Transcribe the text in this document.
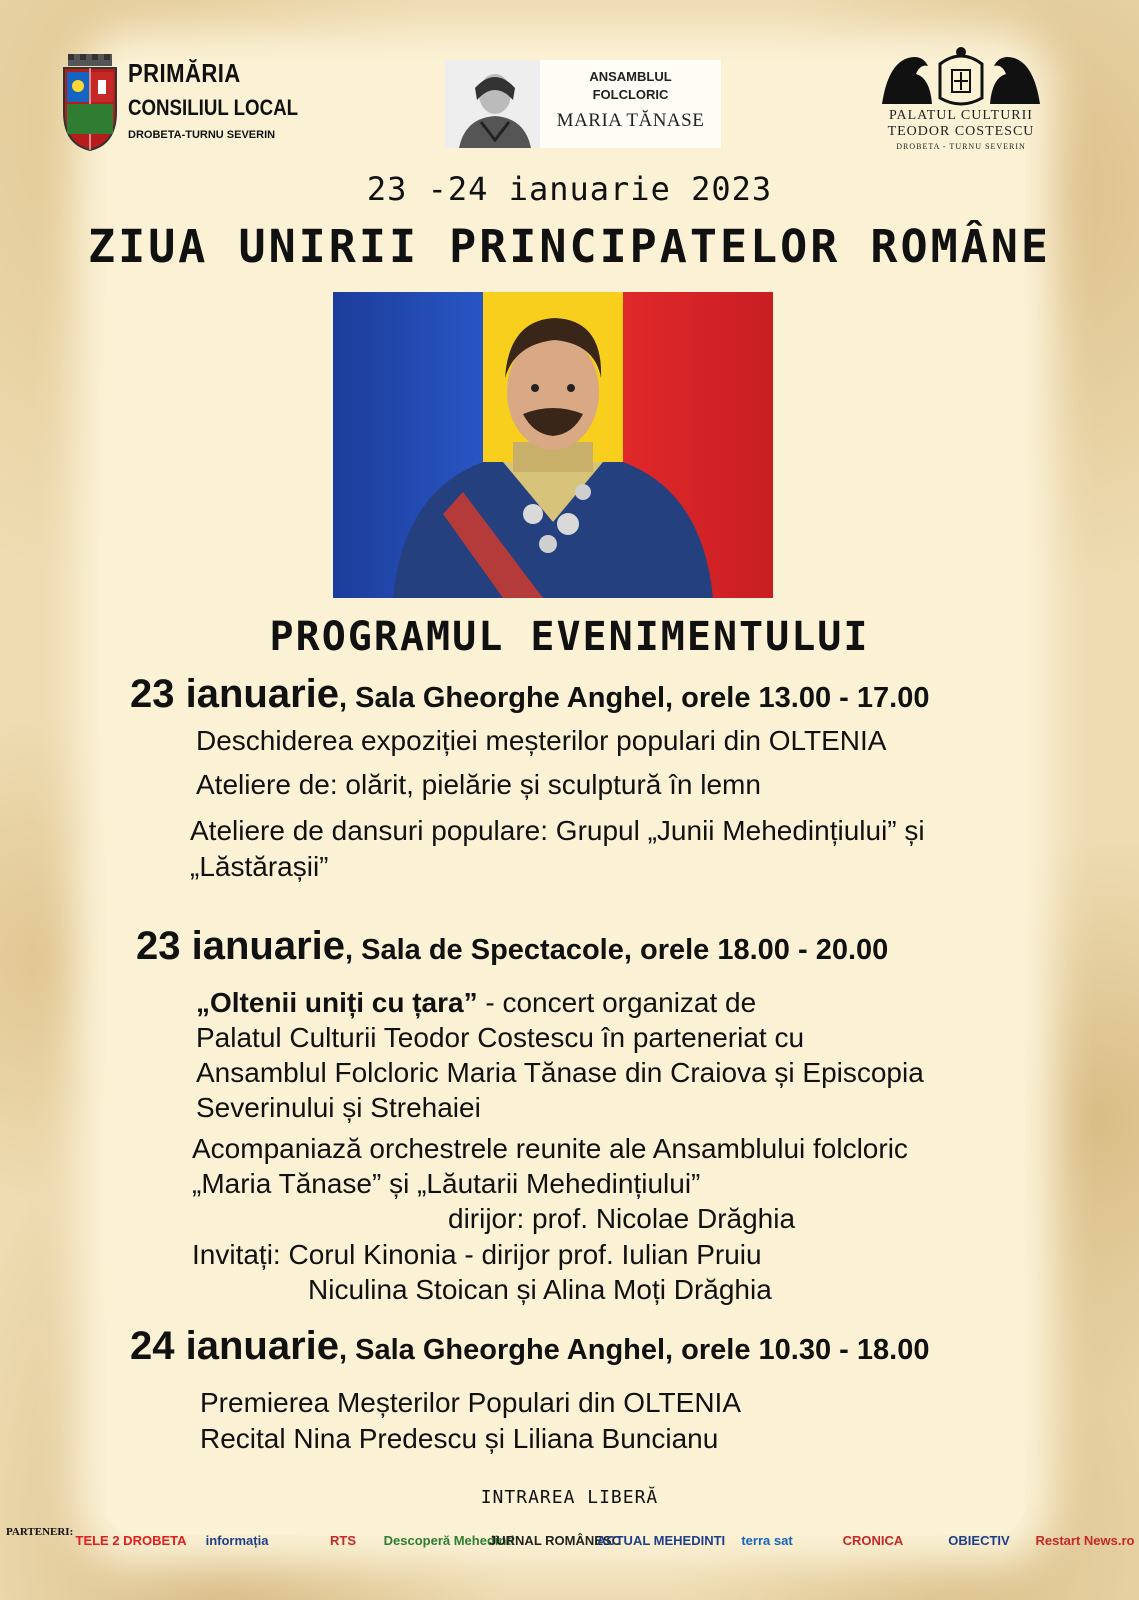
PRIMĂRIA
CONSILIUL LOCAL
DROBETA-TURNU SEVERIN
ANSAMBLUL
FOLCLORIC
MARIA TĂNASE	PALATUL CULTURII
TEODOR COSTESCU
DROBETA - TURNU SEVERIN
23 -24 ianuarie 2023
ZIUA UNIRII PRINCIPATELOR ROMÂNE
PROGRAMUL EVENIMENTULUI
23 ianuarie, Sala Gheorghe Anghel, orele 13.00 - 17.00
Deschiderea expoziției meșterilor populari din OLTENIA
Ateliere de: olărit, pielărie și sculptură în lemn
Ateliere de dansuri populare: Grupul „Junii Mehedințiului” și
„Lăstărașii”
23 ianuarie, Sala de Spectacole, orele 18.00 - 20.00
„Oltenii uniți cu țara” - concert organizat de
Palatul Culturii Teodor Costescu în parteneriat cu
Ansamblul Folcloric Maria Tănase din Craiova și Episcopia
Severinului și Strehaiei
Acompaniază orchestrele reunite ale Ansamblului folcloric
„Maria Tănase” și „Lăutarii Mehedințiului”
dirijor: prof. Nicolae Drăghia
Invitați: Corul Kinonia - dirijor prof. Iulian Pruiu
Niculina Stoican și Alina Moți Drăghia
24 ianuarie, Sala Gheorghe Anghel, orele 10.30 - 18.00
Premierea Meșterilor Populari din OLTENIA
Recital Nina Predescu și Liliana Buncianu
INTRAREA LIBERĂ
PARTENERI:
TELE 2 DROBETA	informația	RTS	Descoperă Mehedinti
JURNAL ROMÂNESC
ACTUAL MEHEDINTI	terra sat	CRONICA	OBIECTIV	Restart News.ro
